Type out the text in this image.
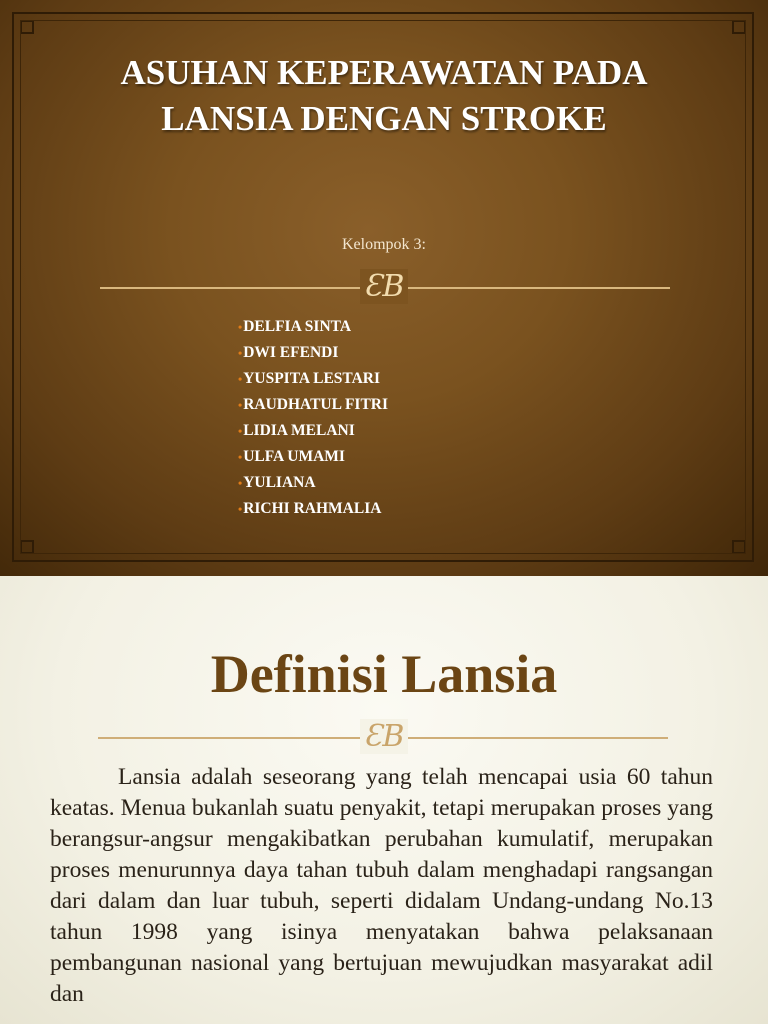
ASUHAN KEPERAWATAN PADA LANSIA DENGAN STROKE
Kelompok 3:
ƐΒ
•DELFIA SINTA
•DWI EFENDI
•YUSPITA LESTARI
•RAUDHATUL FITRI
•LIDIA MELANI
•ULFA UMAMI
•YULIANA
•RICHI RAHMALIA
Definisi Lansia
ƐΒ

Lansia adalah seseorang yang telah mencapai usia 60 tahun keatas. Menua bukanlah suatu penyakit, tetapi merupakan proses yang berangsur-angsur mengakibatkan perubahan kumulatif, merupakan proses menurunnya daya tahan tubuh dalam menghadapi rangsangan dari dalam dan luar tubuh, seperti didalam Undang-undang No.13 tahun 1998 yang isinya menyatakan bahwa pelaksanaan pembangunan nasional yang bertujuan mewujudkan masyarakat adil dan
